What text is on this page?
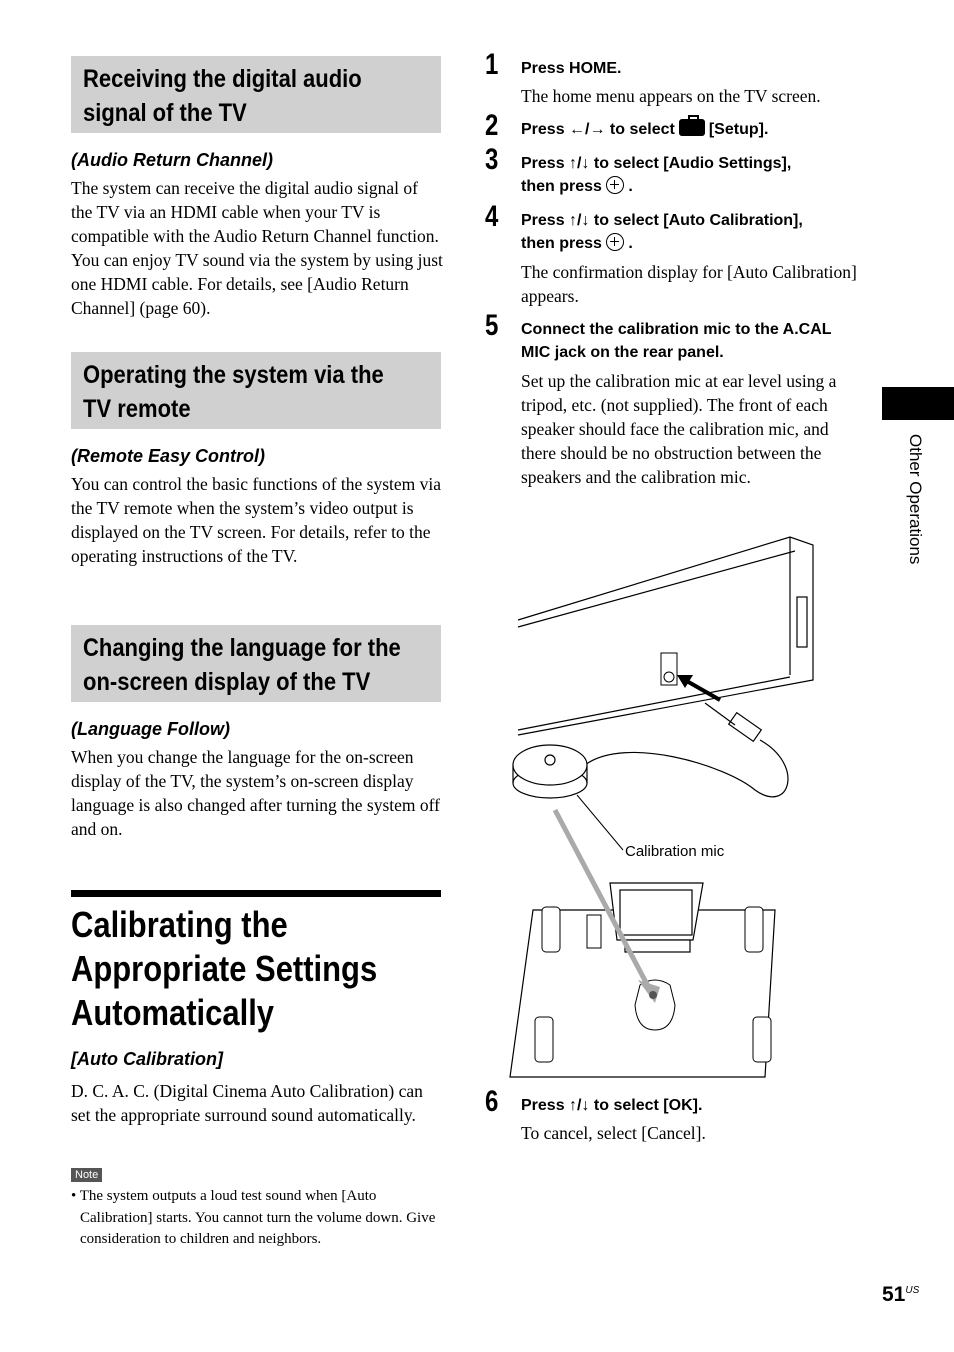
Receiving the digital audio signal of the TV
(Audio Return Channel)
The system can receive the digital audio signal of the TV via an HDMI cable when your TV is compatible with the Audio Return Channel function. You can enjoy TV sound via the system by using just one HDMI cable. For details, see [Audio Return Channel] (page 60).
Operating the system via the TV remote
(Remote Easy Control)
You can control the basic functions of the system via the TV remote when the system’s video output is displayed on the TV screen. For details, refer to the operating instructions of the TV.
Changing the language for the on-screen display of the TV
(Language Follow)
When you change the language for the on-screen display of the TV, the system’s on-screen display language is also changed after turning the system off and on.
Calibrating the Appropriate Settings Automatically
[Auto Calibration]
D. C. A. C. (Digital Cinema Auto Calibration) can set the appropriate surround sound automatically.
Note
• The system outputs a loud test sound when [Auto Calibration] starts. You cannot turn the volume down. Give consideration to children and neighbors.
1 Press HOME.
The home menu appears on the TV screen.
2 Press ←/→ to select [Setup].
3 Press ↑/↓ to select [Audio Settings],
then press .
4 Press ↑/↓ to select [Auto Calibration],
then press .
The confirmation display for [Auto Calibration] appears.
5 Connect the calibration mic to the A.CAL MIC jack on the rear panel.
Set up the calibration mic at ear level using a tripod, etc. (not supplied). The front of each speaker should face the calibration mic, and there should be no obstruction between the speakers and the calibration mic.
Calibration mic
6 Press ↑/↓ to select [OK].
To cancel, select [Cancel].
Other Operations
$51^{US}$
